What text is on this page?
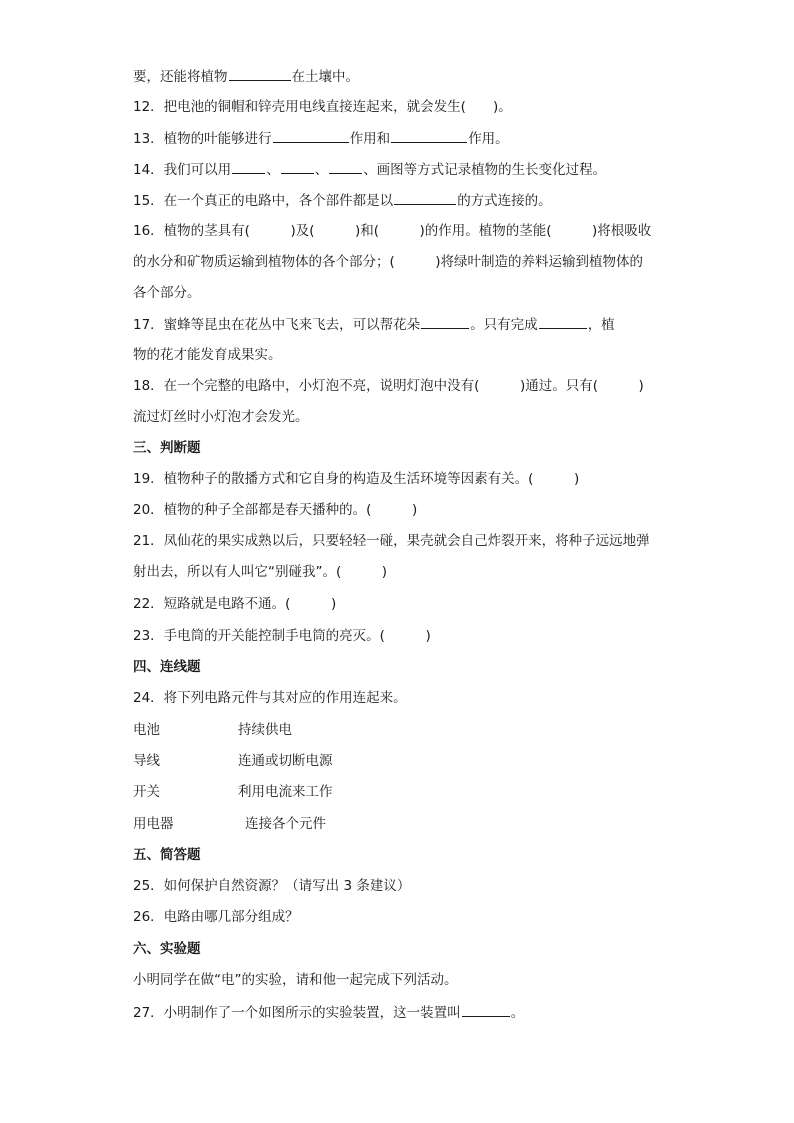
要，还能将植物	在土壤中。
12．把电池的铜帽和锌壳用电线直接连起来，就会发生(　　)。
13．植物的叶能够进行	作用和	作用。
14．我们可以用	、	、	、画图等方式记录植物的生长变化过程。
15．在一个真正的电路中，各个部件都是以	的方式连接的。
16．植物的茎具有(　　　)及(　　　)和(　　　)的作用。植物的茎能(　　　)将根吸收
的水分和矿物质运输到植物体的各个部分；(　　　)将绿叶制造的养料运输到植物体的
各个部分。
17．蜜蜂等昆虫在花丛中飞来飞去，可以帮花朵	。只有完成	，植
物的花才能发育成果实。
18．在一个完整的电路中，小灯泡不亮，说明灯泡中没有(　　　)通过。只有(　　　)
流过灯丝时小灯泡才会发光。
三、判断题
19．植物种子的散播方式和它自身的构造及生活环境等因素有关。(　　　)
20．植物的种子全部都是春天播种的。(　　　)
21．凤仙花的果实成熟以后，只要轻轻一碰，果壳就会自己炸裂开来，将种子远远地弹
射出去，所以有人叫它“别碰我”。(　　　)
22．短路就是电路不通。(　　　)
23．手电筒的开关能控制手电筒的亮灭。(　　　)
四、连线题
24．将下列电路元件与其对应的作用连起来。
电池	持续供电
导线	连通或切断电源
开关	利用电流来工作
用电器	连接各个元件
五、简答题
25．如何保护自然资源？（请写出 3 条建议）
26．电路由哪几部分组成？
六、实验题
小明同学在做“电”的实验，请和他一起完成下列活动。
27．小明制作了一个如图所示的实验装置，这一装置叫	。
